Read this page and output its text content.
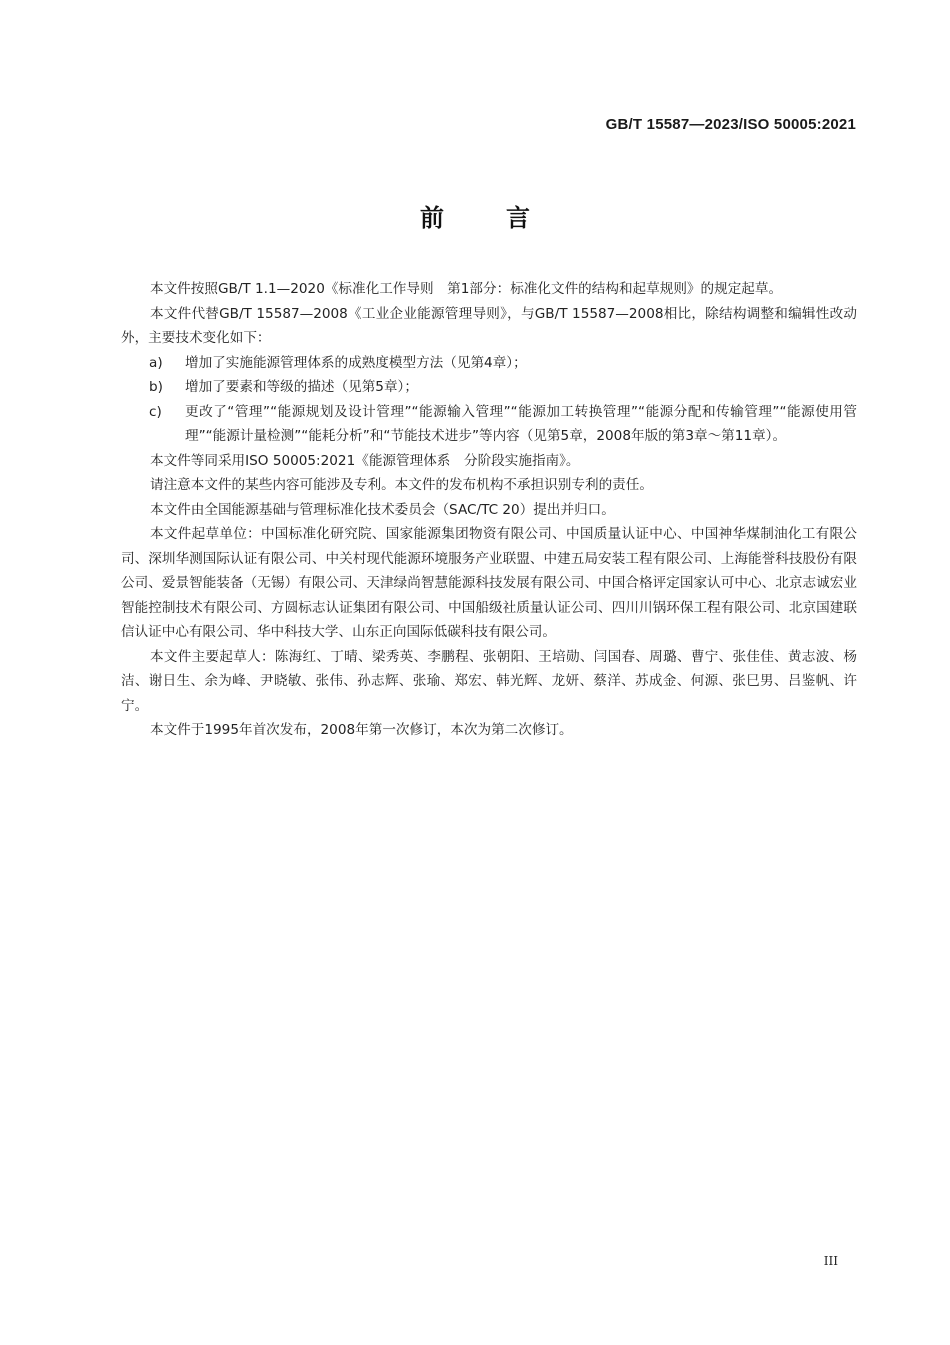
GB/T 15587—2023/ISO 50005:2021
前言

本文件按照GB/T 1.1—2020《标准化工作导则　第1部分：标准化文件的结构和起草规则》的规定起草。

本文件代替GB/T 15587—2008《工业企业能源管理导则》，与GB/T 15587—2008相比，除结构调整和编辑性改动外，主要技术变化如下：

a) 增加了实施能源管理体系的成熟度模型方法（见第4章）；
b) 增加了要素和等级的描述（见第5章）；
c) 更改了“管理”“能源规划及设计管理”“能源输入管理”“能源加工转换管理”“能源分配和传输管理”“能源使用管理”“能源计量检测”“能耗分析”和“节能技术进步”等内容（见第5章，2008年版的第3章～第11章）。

本文件等同采用ISO 50005:2021《能源管理体系　分阶段实施指南》。

请注意本文件的某些内容可能涉及专利。本文件的发布机构不承担识别专利的责任。

本文件由全国能源基础与管理标准化技术委员会（SAC/TC 20）提出并归口。

本文件起草单位：中国标准化研究院、国家能源集团物资有限公司、中国质量认证中心、中国神华煤制油化工有限公司、深圳华测国际认证有限公司、中关村现代能源环境服务产业联盟、中建五局安装工程有限公司、上海能誉科技股份有限公司、爱景智能装备（无锡）有限公司、天津绿尚智慧能源科技发展有限公司、中国合格评定国家认可中心、北京志诚宏业智能控制技术有限公司、方圆标志认证集团有限公司、中国船级社质量认证公司、四川川锅环保工程有限公司、北京国建联信认证中心有限公司、华中科技大学、山东正向国际低碳科技有限公司。

本文件主要起草人：陈海红、丁晴、梁秀英、李鹏程、张朝阳、王培勋、闫国春、周璐、曹宁、张佳佳、黄志波、杨洁、谢日生、余为峰、尹晓敏、张伟、孙志辉、张瑜、郑宏、韩光辉、龙妍、蔡洋、苏成金、何源、张巳男、吕鉴帆、许宁。

本文件于1995年首次发布，2008年第一次修订，本次为第二次修订。

III
